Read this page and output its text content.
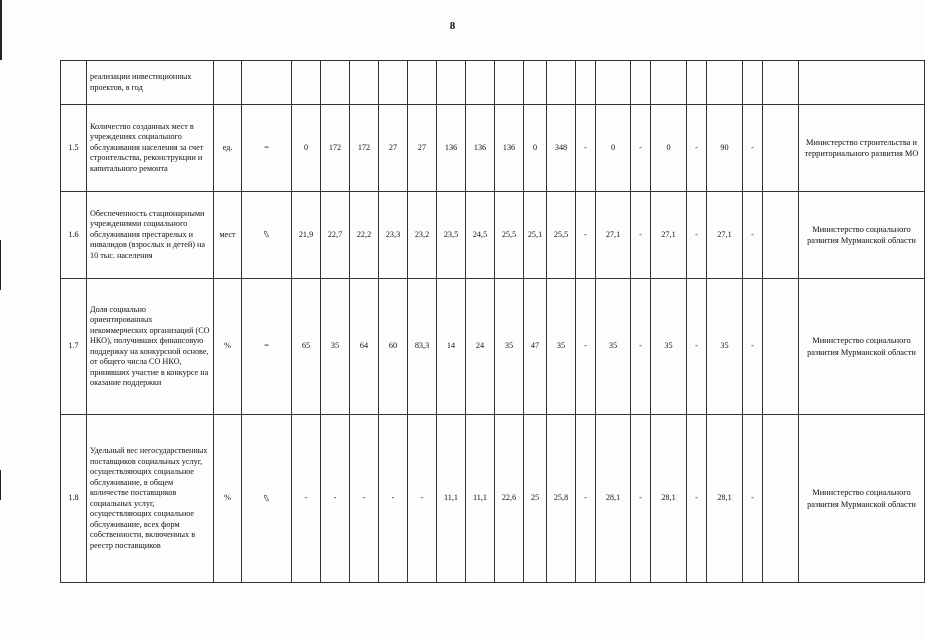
8
	реализации инвестиционных проектов, в год																					
1.5	Количество созданных мест в учреждениях социального обслуживания населения за счет строительства, реконструкции и капитального ремонта	ед.	=	0	172	172	27	27	136	136	136	0	348	-	0	-	0	-	90	-		Министерство строительства и территориального развития МО
1.6	Обеспеченность стационарными учреждениями социального обслуживания престарелых и инвалидов (взрослых и детей) на 10 тыс. населения	мест	⇧	21,9	22,7	22,2	23,3	23,2	23,5	24,5	25,5	25,1	25,5	-	27,1	-	27,1	-	27,1	-		Министерство социального развития Мурманской области
1.7	Доля социально ориентированных некоммерческих организаций (СО НКО), получивших финансовую поддержку на конкурсной основе, от общего числа СО НКО, принявших участие в конкурсе на оказание поддержки	%	=	65	35	64	60	83,3	14	24	35	47	35	-	35	-	35	-	35	-		Министерство социального развития Мурманской области
1.8	Удельный вес негосударственных поставщиков социальных услуг, осуществляющих социальное обслуживание, в общем количестве поставщиков социальных услуг, осуществляющих социальное обслуживание, всех форм собственности, включенных в реестр поставщиков	%	⇧	-	-	-	-	-	11,1	11,1	22,6	25	25,8	-	28,1	-	28,1	-	28,1	-		Министерство социального развития Мурманской области
